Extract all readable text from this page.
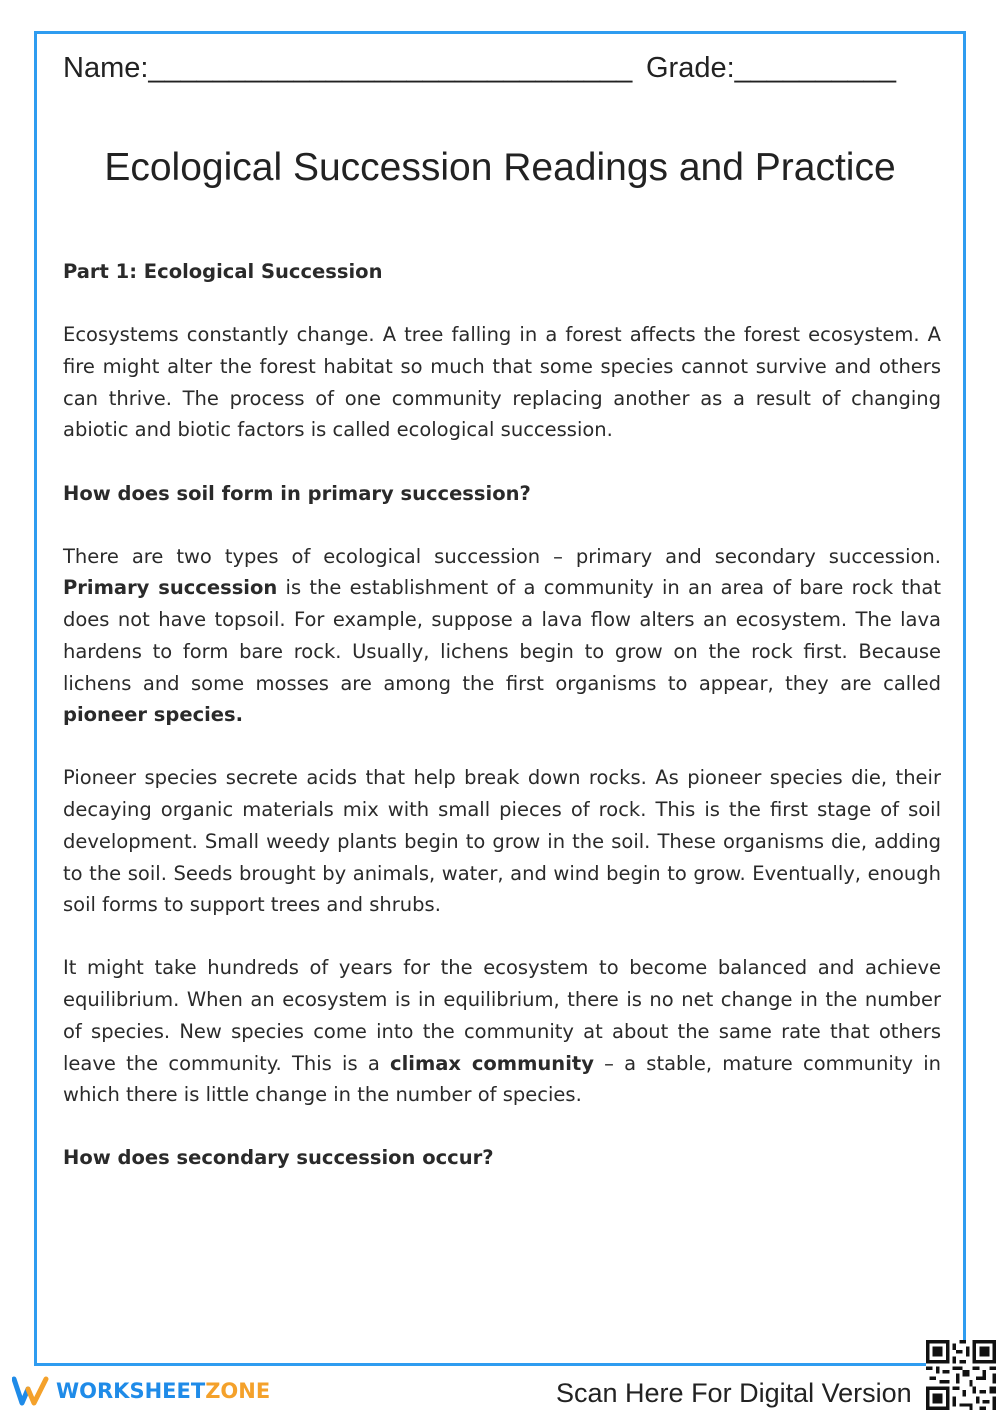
Name:______________________________ Grade:__________
Ecological Succession Readings and Practice

Part 1: Ecological Succession

Ecosystems constantly change. A tree falling in a forest affects the forest ecosystem. A fire might alter the forest habitat so much that some species cannot survive and others can thrive. The process of one community replacing another as a result of changing abiotic and biotic factors is called ecological succession.

How does soil form in primary succession?

There are two types of ecological succession – primary and secondary succession. Primary succession is the establishment of a community in an area of bare rock that does not have topsoil. For example, suppose a lava flow alters an ecosystem. The lava hardens to form bare rock. Usually, lichens begin to grow on the rock first. Because lichens and some mosses are among the first organisms to appear, they are called pioneer species.

Pioneer species secrete acids that help break down rocks. As pioneer species die, their decaying organic materials mix with small pieces of rock. This is the first stage of soil development. Small weedy plants begin to grow in the soil. These organisms die, adding to the soil. Seeds brought by animals, water, and wind begin to grow. Eventually, enough soil forms to support trees and shrubs.

It might take hundreds of years for the ecosystem to become balanced and achieve equilibrium. When an ecosystem is in equilibrium, there is no net change in the number of species. New species come into the community at about the same rate that others leave the community. This is a climax community – a stable, mature community in which there is little change in the number of species.

How does secondary succession occur?

WORKSHEETZONE	Scan Here For Digital Version
